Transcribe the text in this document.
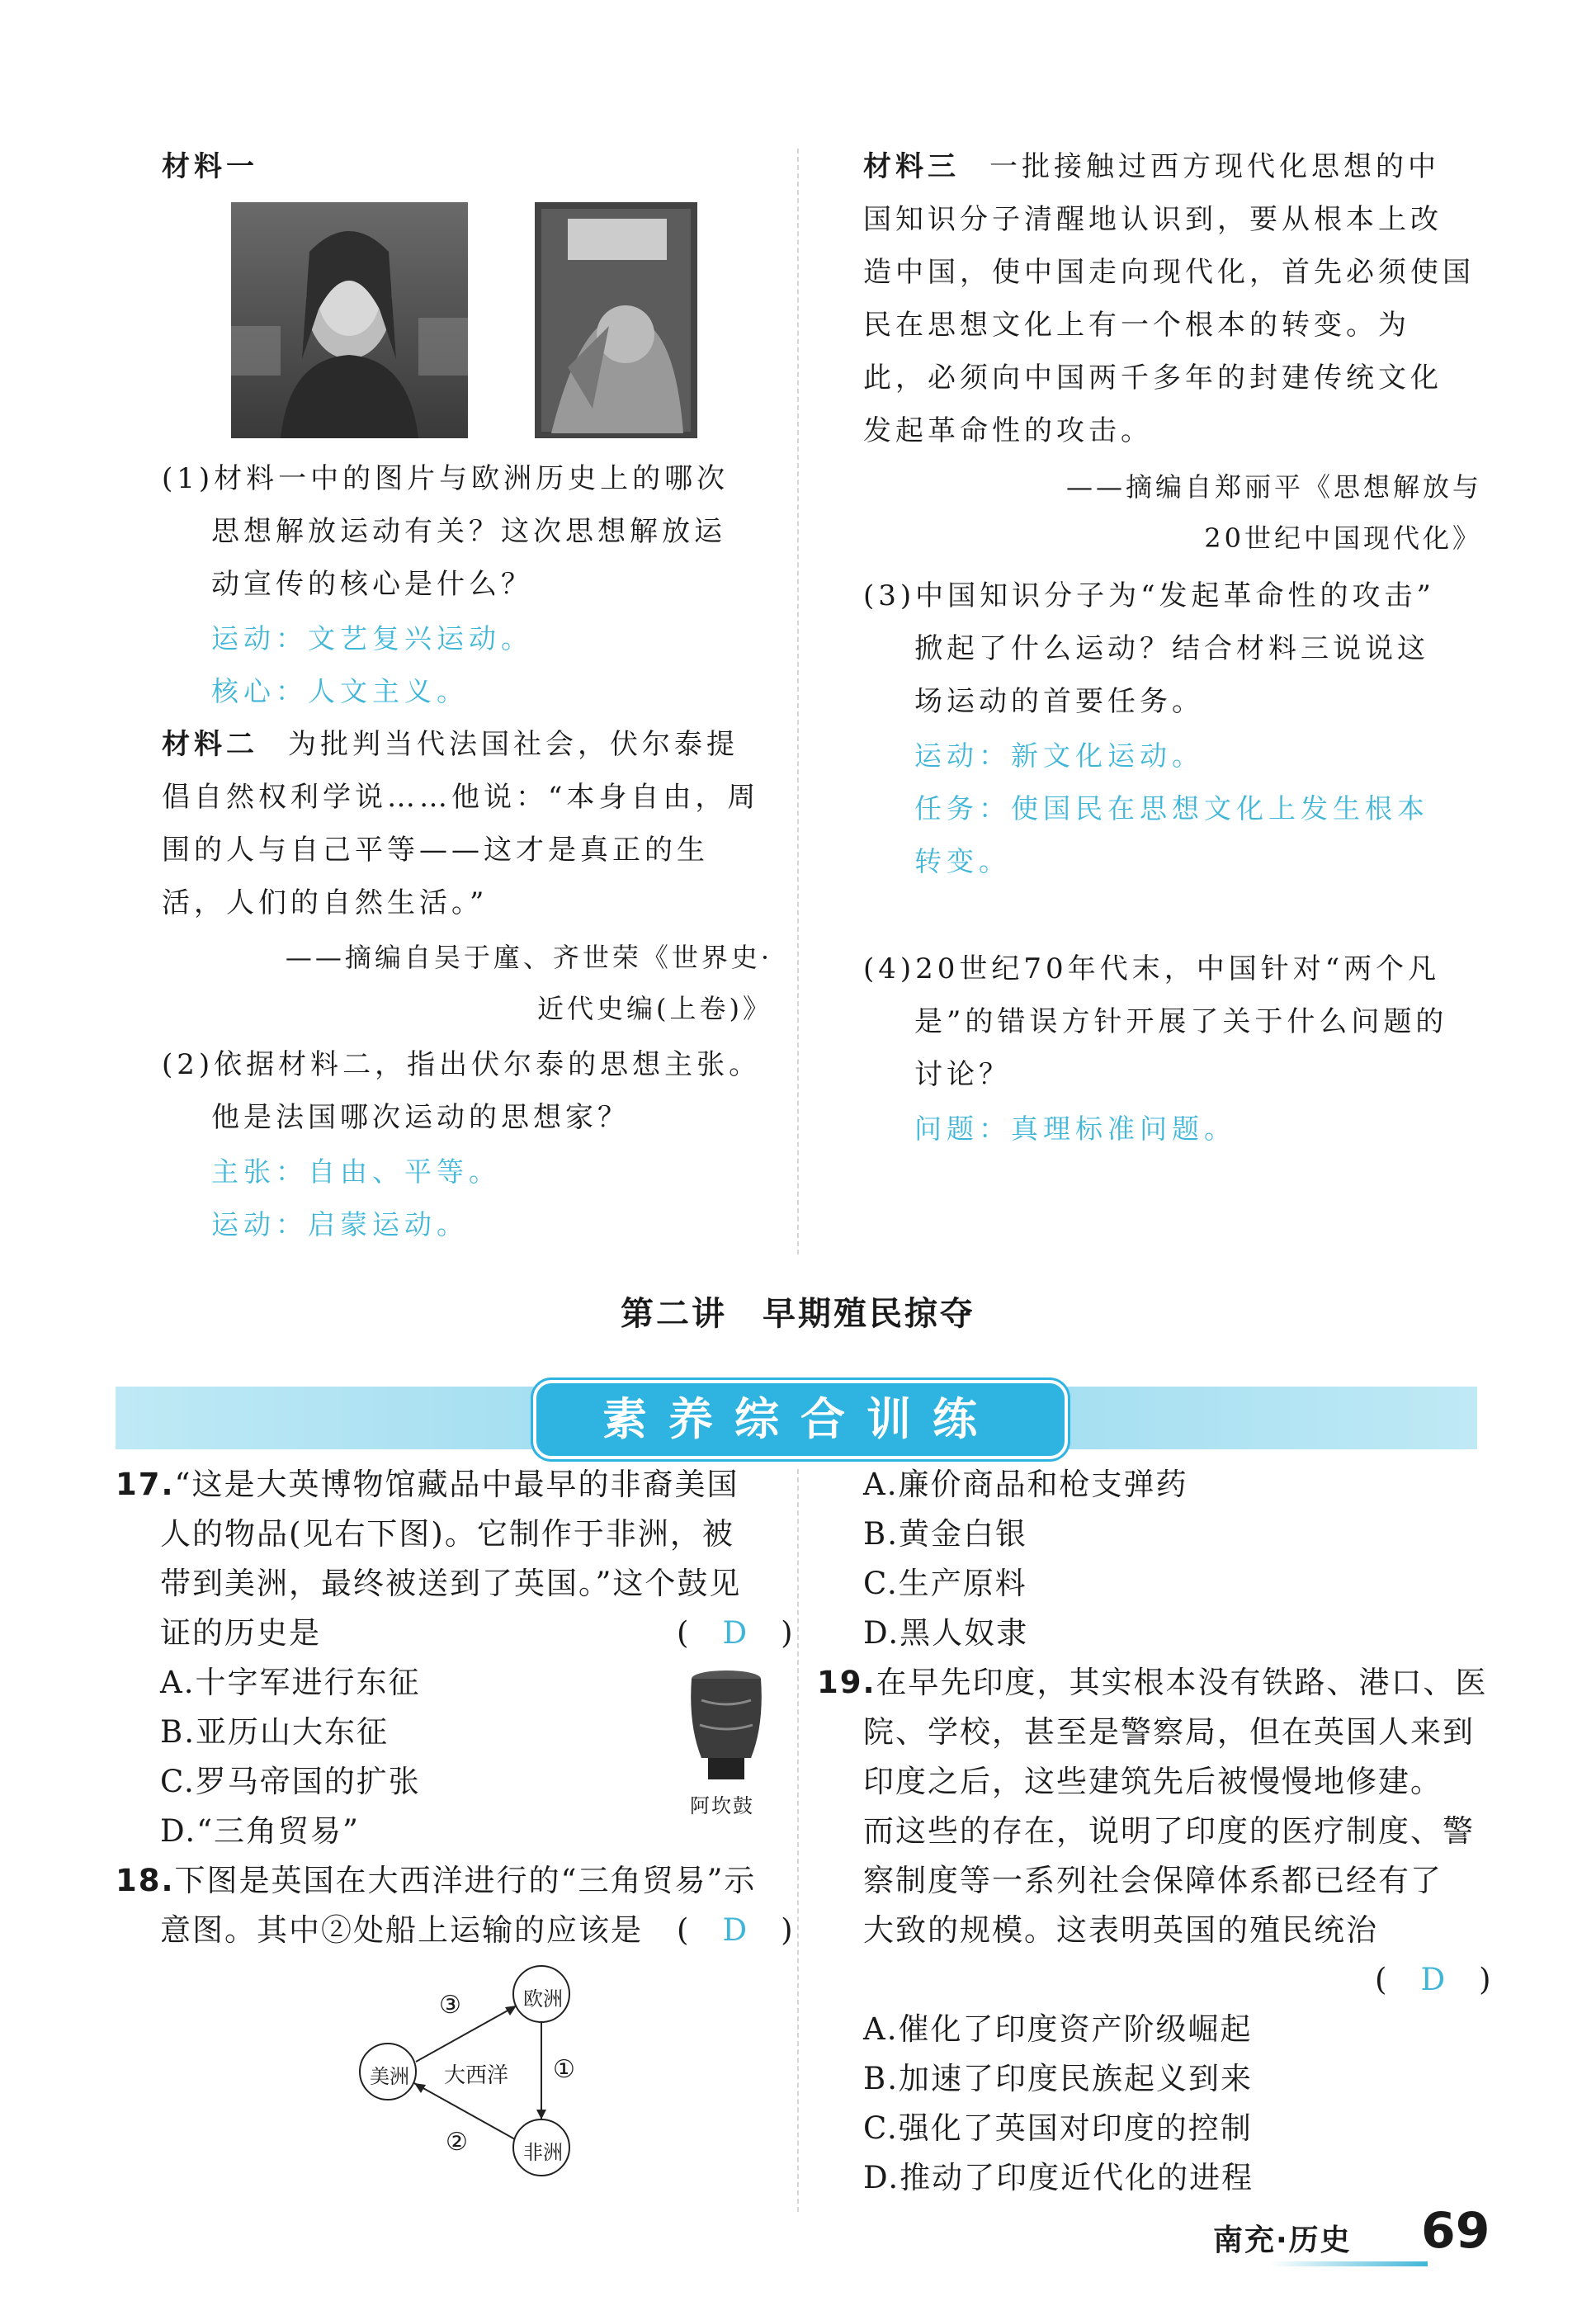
材料一
(1)材料一中的图片与欧洲历史上的哪次
思想解放运动有关？这次思想解放运
动宣传的核心是什么？
运动：文艺复兴运动。
核心：人文主义。
材料二 为批判当代法国社会，伏尔泰提
倡自然权利学说……他说：“本身自由，周
围的人与自己平等——这才是真正的生
活，人们的自然生活。”
——摘编自吴于廑、齐世荣《世界史·
近代史编(上卷)》
(2)依据材料二，指出伏尔泰的思想主张。
他是法国哪次运动的思想家？
主张：自由、平等。
运动：启蒙运动。
材料三 一批接触过西方现代化思想的中
国知识分子清醒地认识到，要从根本上改
造中国，使中国走向现代化，首先必须使国
民在思想文化上有一个根本的转变。为
此，必须向中国两千多年的封建传统文化
发起革命性的攻击。
——摘编自郑丽平《思想解放与
20世纪中国现代化》
(3)中国知识分子为“发起革命性的攻击”
掀起了什么运动？结合材料三说说这
场运动的首要任务。
运动：新文化运动。
任务：使国民在思想文化上发生根本
转变。
(4)20世纪70年代末，中国针对“两个凡
是”的错误方针开展了关于什么问题的
讨论？
问题：真理标准问题。
第二讲　早期殖民掠夺
素养综合训练
17.“这是大英博物馆藏品中最早的非裔美国
人的物品(见右下图)。它制作于非洲，被
带到美洲，最终被送到了英国。”这个鼓见
证的历史是	(　D　)
A.十字军进行东征
B.亚历山大东征
C.罗马帝国的扩张
D.“三角贸易”
阿坎鼓
18.下图是英国在大西洋进行的“三角贸易”示
意图。其中②处船上运输的应该是 (　D　)
欧洲
美洲
非洲
大西洋 ①
②
③
A.廉价商品和枪支弹药
B.黄金白银
C.生产原料
D.黑人奴隶
19.在早先印度，其实根本没有铁路、港口、医
院、学校，甚至是警察局，但在英国人来到
印度之后，这些建筑先后被慢慢地修建。
而这些的存在，说明了印度的医疗制度、警
察制度等一系列社会保障体系都已经有了
大致的规模。这表明英国的殖民统治
(　D　)
A.催化了印度资产阶级崛起
B.加速了印度民族起义到来
C.强化了英国对印度的控制
D.推动了印度近代化的进程
南充·历史 69
